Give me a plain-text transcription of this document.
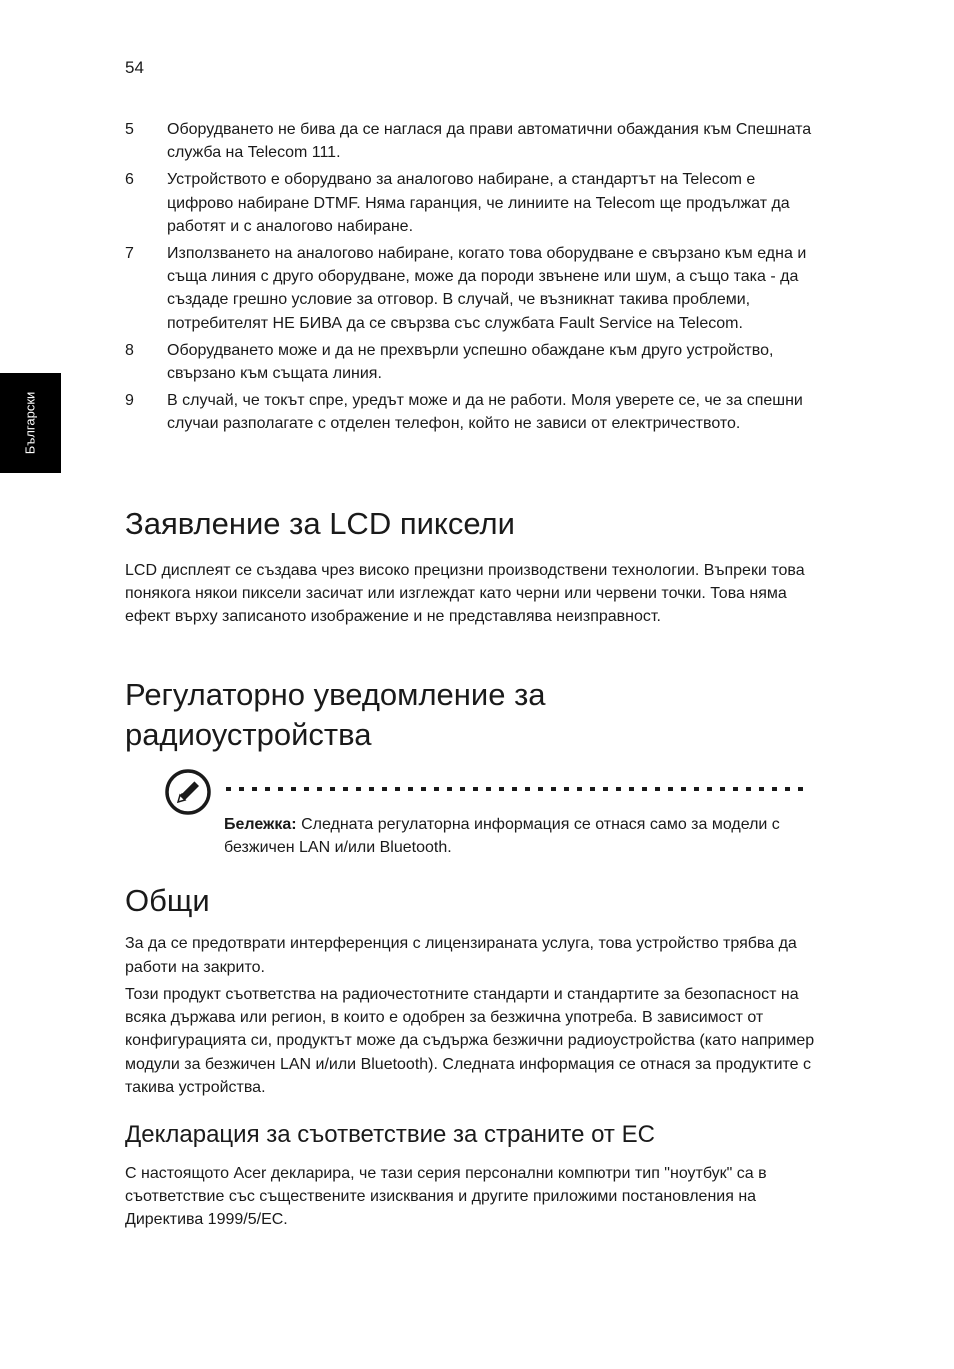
54
Български
5	Оборудването не бива да се наглася да прави автоматични обаждания към Спешната служба на Telecom 111.
6	Устройството е оборудвано за аналогово набиране, а стандартът на Telecom е цифрово набиране DTMF. Няма гаранция, че линиите на Telecom ще продължат да работят и с аналогово набиране.
7	Използването на аналогово набиране, когато това оборудване е свързано към една и съща линия с друго оборудване, може да породи звънене или шум, а също така - да създаде грешно условие за отговор. В случай, че възникнат такива проблеми, потребителят НЕ БИВА да се свързва със службата Fault Service на Telecom.
8	Оборудването може и да не прехвърли успешно обаждане към друго устройство, свързано към същата линия.
9	В случай, че токът спре, уредът може и да не работи. Моля уверете се, че за спешни случаи разполагате с отделен телефон, който не зависи от електричеството.
Заявление за LCD пиксели

LCD дисплеят се създава чрез високо прецизни производствени технологии. Въпреки това понякога някои пиксели засичат или изглеждат като черни или червени точки. Това няма ефект върху записаното изображение и не представлява неизправност.

Регулаторно уведомление за радиоустройства
Бележка: Следната регулаторна информация се отнася само за модели с безжичен LAN и/или Bluetooth.
Общи

За да се предотврати интерференция с лицензираната услуга, това устройство трябва да работи на закрито.

Този продукт съответства на радиочестотните стандарти и стандартите за безопасност на всяка държава или регион, в които е одобрен за безжична употреба. В зависимост от конфигурацията си, продуктът може да съдържа безжични радиоустройства (като например модули за безжичен LAN и/или Bluetooth). Следната информация се отнася за продуктите с такива устройства.

Декларация за съответствие за страните от ЕС

С настоящото Acer декларира, че тази серия персонални компютри тип "ноутбук" са в съответствие със съществените изисквания и другите приложими постановления на Директива 1999/5/EC.
